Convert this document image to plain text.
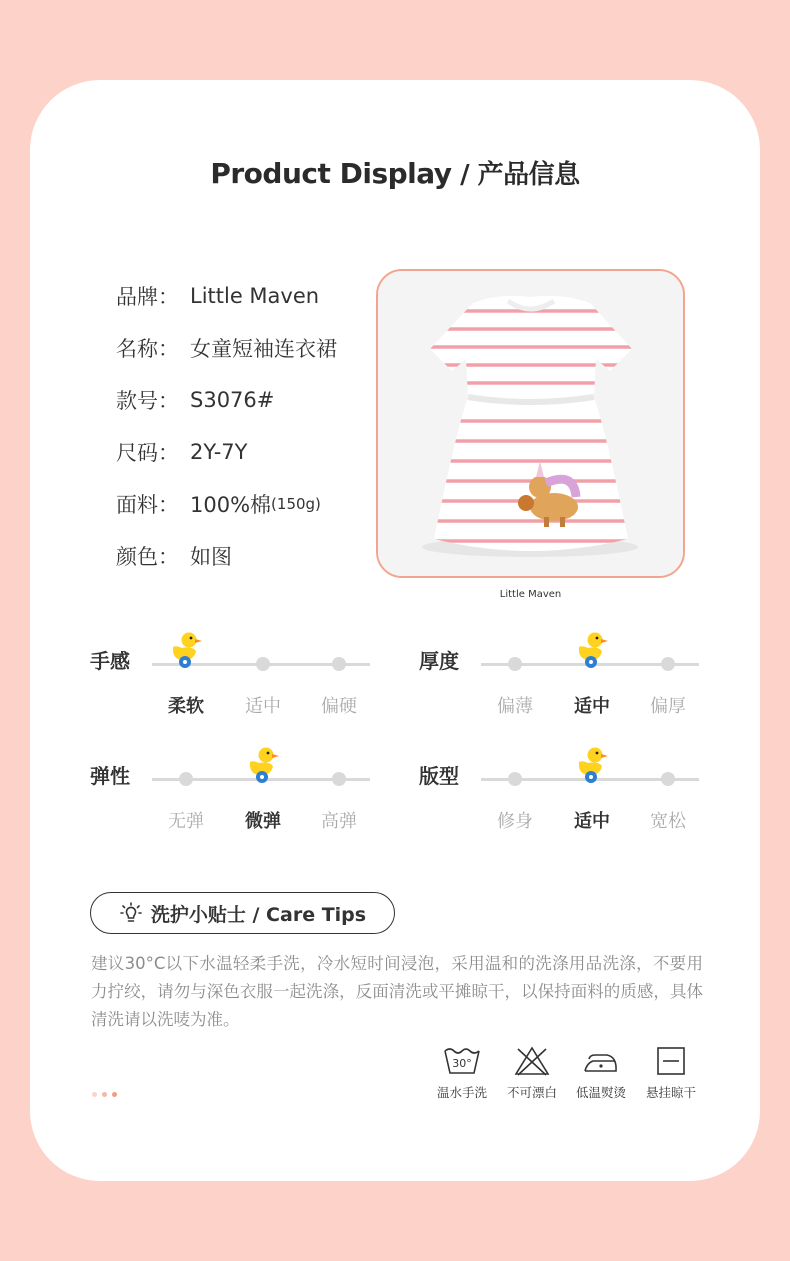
Product Display / 产品信息
品牌： Little Maven
名称： 女童短袖连衣裙
款号： S3076#
尺码： 2Y-7Y
面料： 100%棉 (150g)
颜色： 如图
Little Maven
手感
柔软	适中	偏硬
厚度
偏薄	适中	偏厚
弹性
无弹	微弹	高弹
版型
修身	适中	宽松
洗护小贴士 / Care Tips
建议30°C以下水温轻柔手洗，冷水短时间浸泡，采用温和的洗涤用品洗涤，不要用力拧绞，请勿与深色衣服一起洗涤，反面清洗或平摊晾干，以保持面料的质感，具体清洗请以洗唛为准。
30°
温水手洗	不可漂白	低温熨烫	悬挂晾干
